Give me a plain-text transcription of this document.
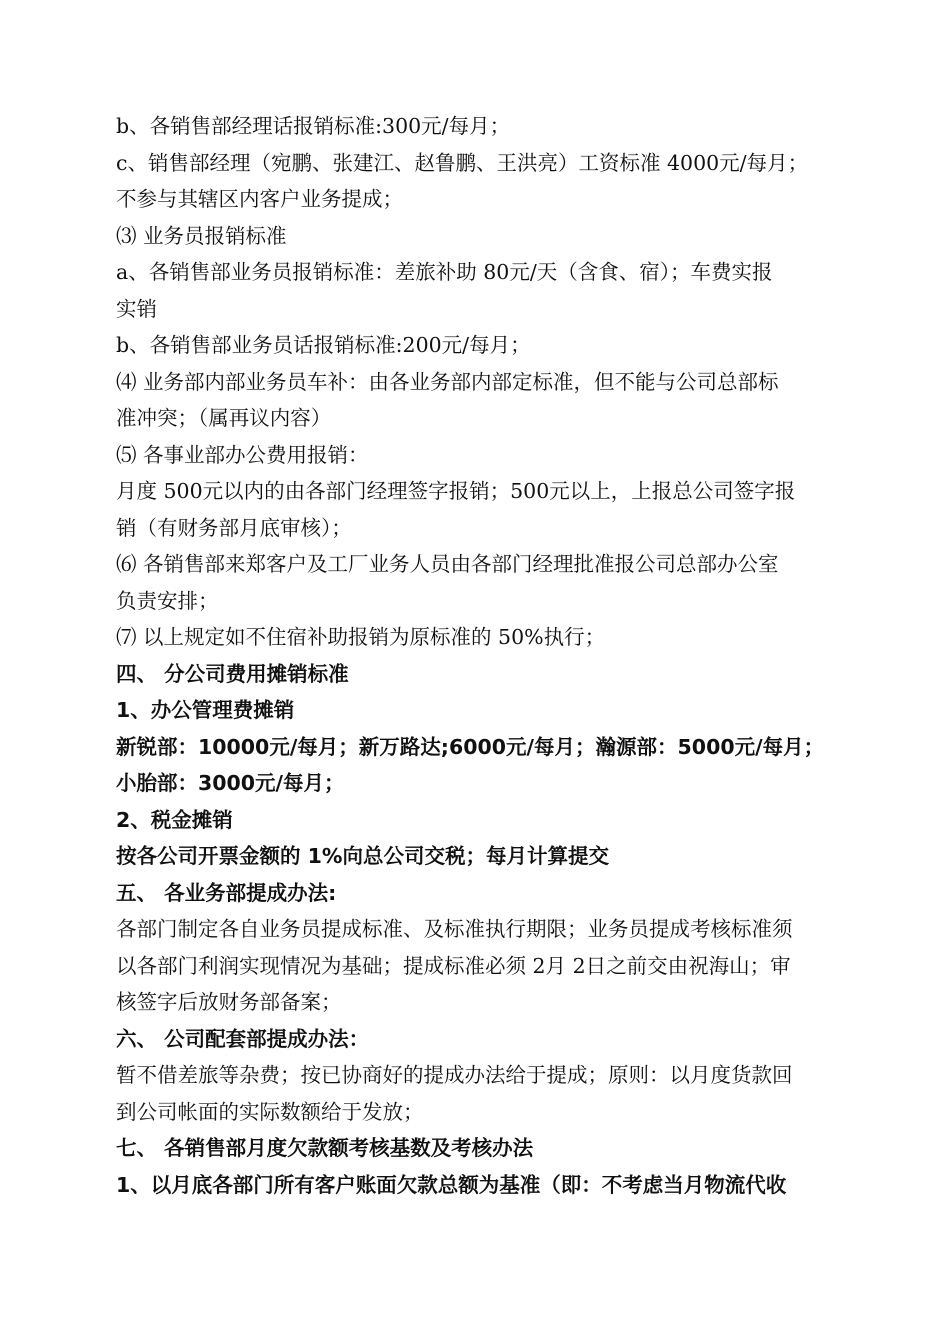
b、各销售部经理话报销标准:300元/每月；
c、销售部经理（宛鹏、张建江、赵鲁鹏、王洪亮）工资标准 4000元/每月；
不参与其辖区内客户业务提成；
⑶ 业务员报销标准
a、各销售部业务员报销标准：差旅补助 80元/天（含食、宿）；车费实报
实销
b、各销售部业务员话报销标准:200元/每月；
⑷ 业务部内部业务员车补：由各业务部内部定标准，但不能与公司总部标
准冲突；（属再议内容）
⑸ 各事业部办公费用报销：
月度 500元以内的由各部门经理签字报销；500元以上，上报总公司签字报
销（有财务部月底审核）；
⑹ 各销售部来郑客户及工厂业务人员由各部门经理批准报公司总部办公室
负责安排；
⑺ 以上规定如不住宿补助报销为原标准的 50%执行；
四、 分公司费用摊销标准
1、办公管理费摊销
新锐部：10000元/每月；新万路达;6000元/每月；瀚源部：5000元/每月；
小胎部：3000元/每月；
2、税金摊销
按各公司开票金额的 1%向总公司交税；每月计算提交
五、 各业务部提成办法:
各部门制定各自业务员提成标准、及标准执行期限；业务员提成考核标准须
以各部门利润实现情况为基础；提成标准必须 2月 2日之前交由祝海山；审
核签字后放财务部备案；
六、 公司配套部提成办法：
暂不借差旅等杂费；按已协商好的提成办法给于提成；原则：以月度货款回
到公司帐面的实际数额给于发放；
七、 各销售部月度欠款额考核基数及考核办法
1、以月底各部门所有客户账面欠款总额为基准（即：不考虑当月物流代收
